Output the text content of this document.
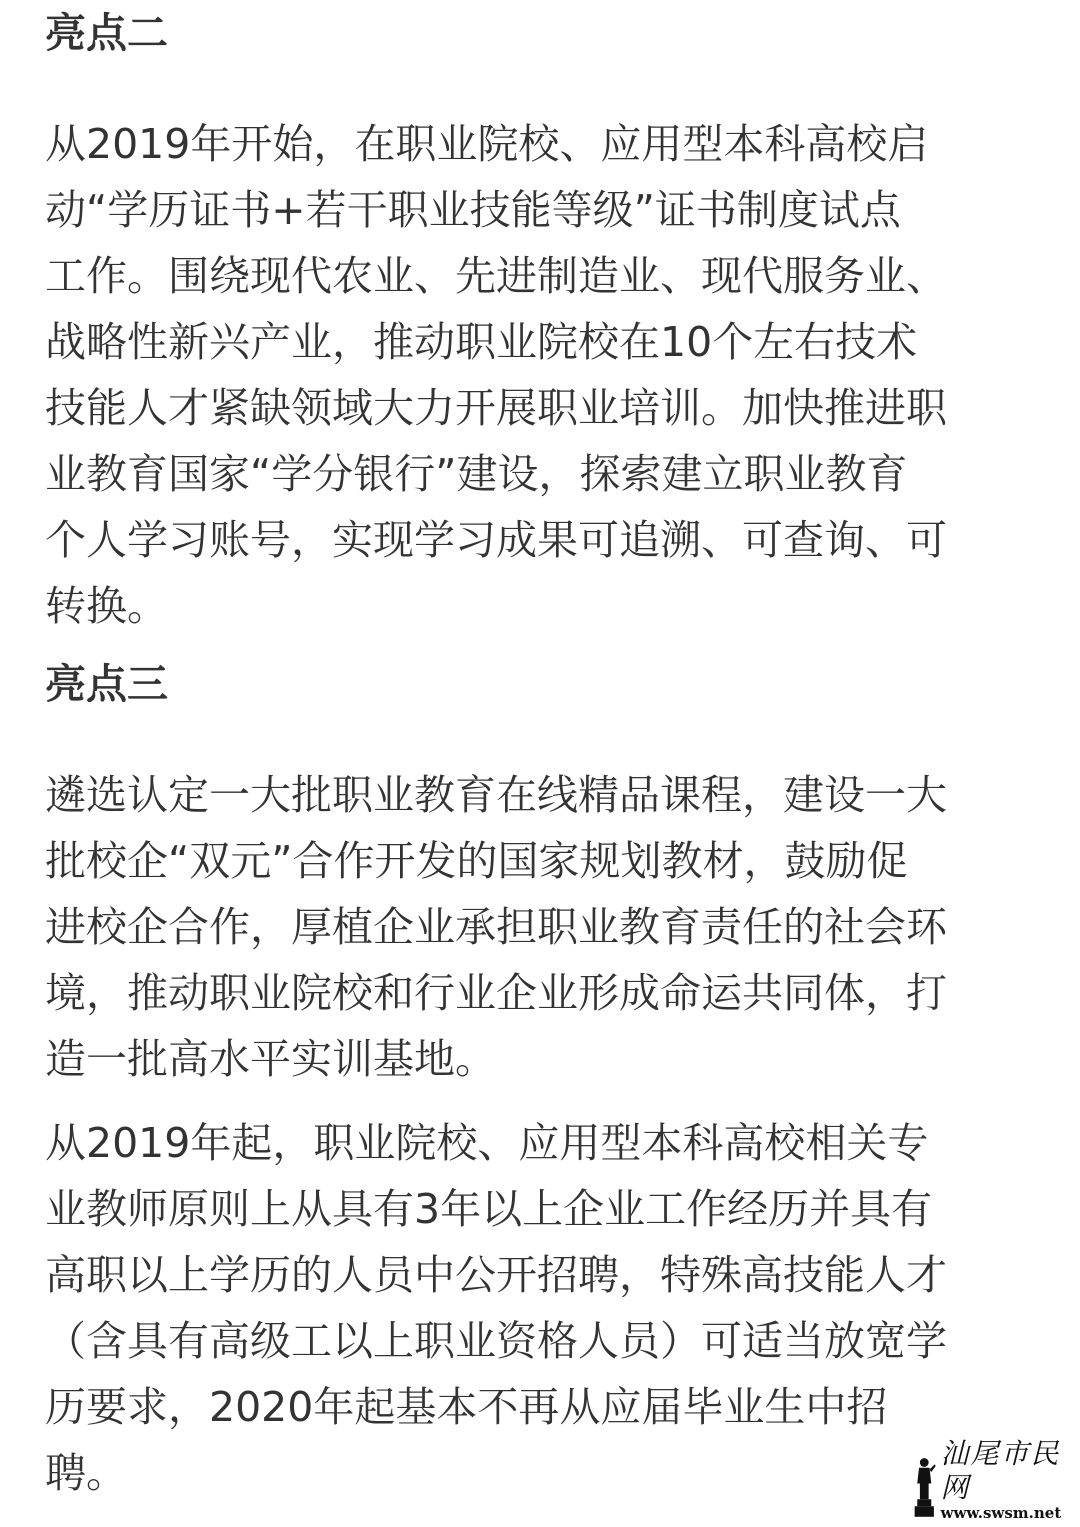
亮点二

从2019年开始，在职业院校、应用型本科高校启
动“学历证书+若干职业技能等级”证书制度试点
工作。围绕现代农业、先进制造业、现代服务业、
战略性新兴产业，推动职业院校在10个左右技术
技能人才紧缺领域大力开展职业培训。加快推进职
业教育国家“学分银行”建设，探索建立职业教育
个人学习账号，实现学习成果可追溯、可查询、可
转换。

亮点三

遴选认定一大批职业教育在线精品课程，建设一大
批校企“双元”合作开发的国家规划教材，鼓励促
进校企合作，厚植企业承担职业教育责任的社会环
境，推动职业院校和行业企业形成命运共同体，打
造一批高水平实训基地。

从2019年起，职业院校、应用型本科高校相关专
业教师原则上从具有3年以上企业工作经历并具有
高职以上学历的人员中公开招聘，特殊高技能人才
（含具有高级工以上职业资格人员）可适当放宽学
历要求，2020年起基本不再从应届毕业生中招
聘。	汕尾市民网
www.swsm.net
